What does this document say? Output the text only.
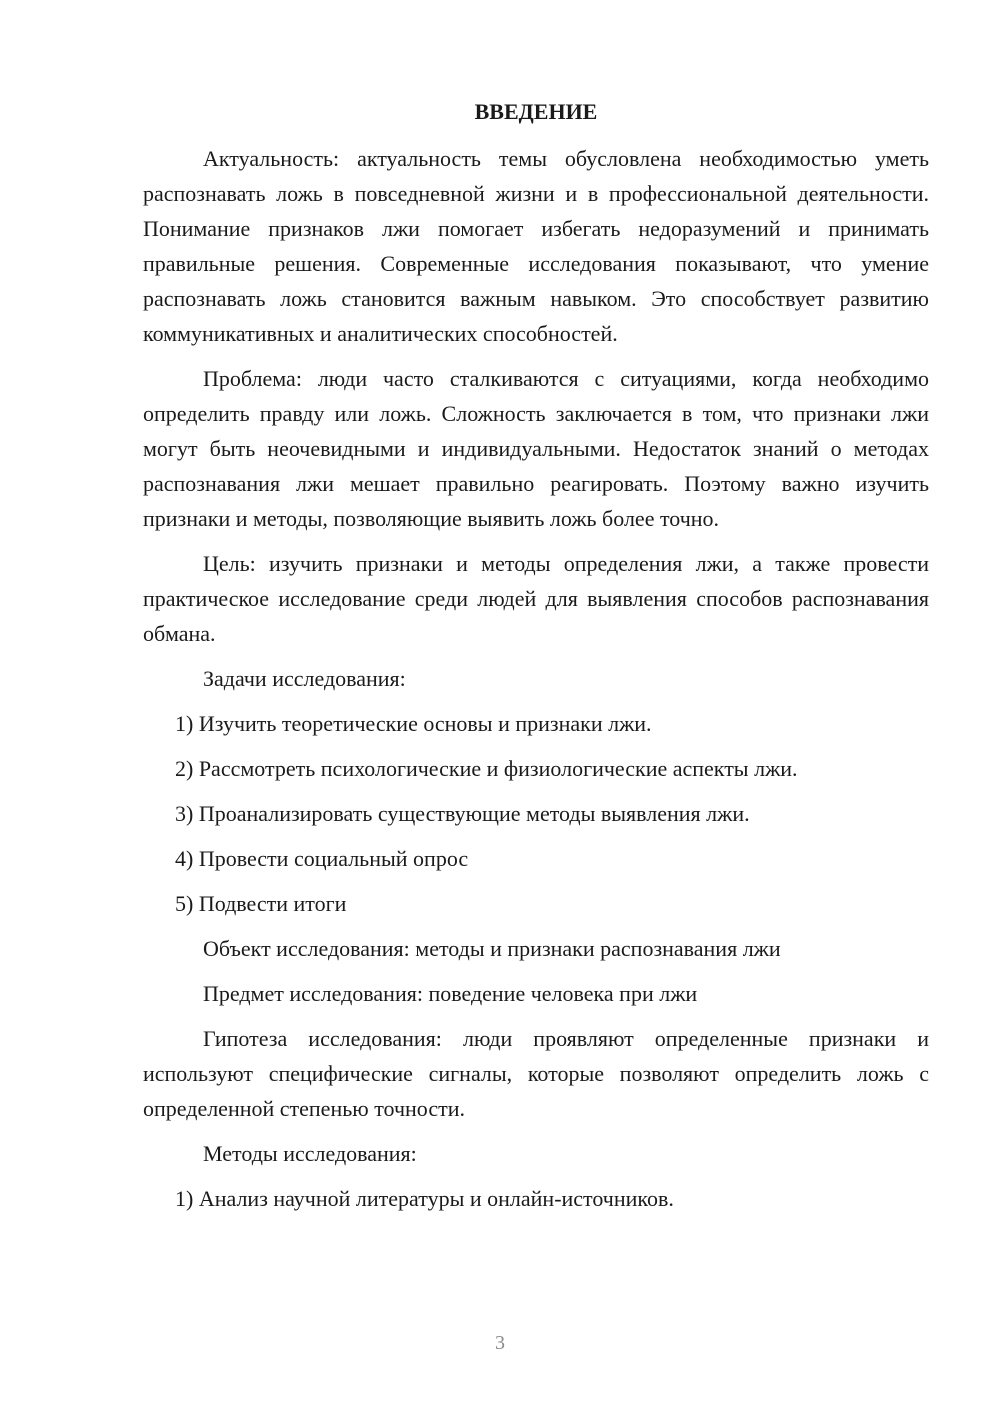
ВВЕДЕНИЕ

Актуальность: актуальность темы обусловлена необходимостью уметь распознавать ложь в повседневной жизни и в профессиональной деятельности. Понимание признаков лжи помогает избегать недоразумений и принимать правильные решения. Современные исследования показывают, что умение распознавать ложь становится важным навыком. Это способствует развитию коммуникативных и аналитических способностей.

Проблема: люди часто сталкиваются с ситуациями, когда необходимо определить правду или ложь. Сложность заключается в том, что признаки лжи могут быть неочевидными и индивидуальными. Недостаток знаний о методах распознавания лжи мешает правильно реагировать. Поэтому важно изучить признаки и методы, позволяющие выявить ложь более точно.

Цель: изучить признаки и методы определения лжи, а также провести практическое исследование среди людей для выявления способов распознавания обмана.

Задачи исследования:
1) Изучить теоретические основы и признаки лжи.
2) Рассмотреть психологические и физиологические аспекты лжи.
3) Проанализировать существующие методы выявления лжи.
4) Провести социальный опрос
5) Подвести итоги
Объект исследования: методы и признаки распознавания лжи
Предмет исследования: поведение человека при лжи

Гипотеза исследования: люди проявляют определенные признаки и используют специфические сигналы, которые позволяют определить ложь с определенной степенью точности.

Методы исследования:
1) Анализ научной литературы и онлайн-источников.
3
